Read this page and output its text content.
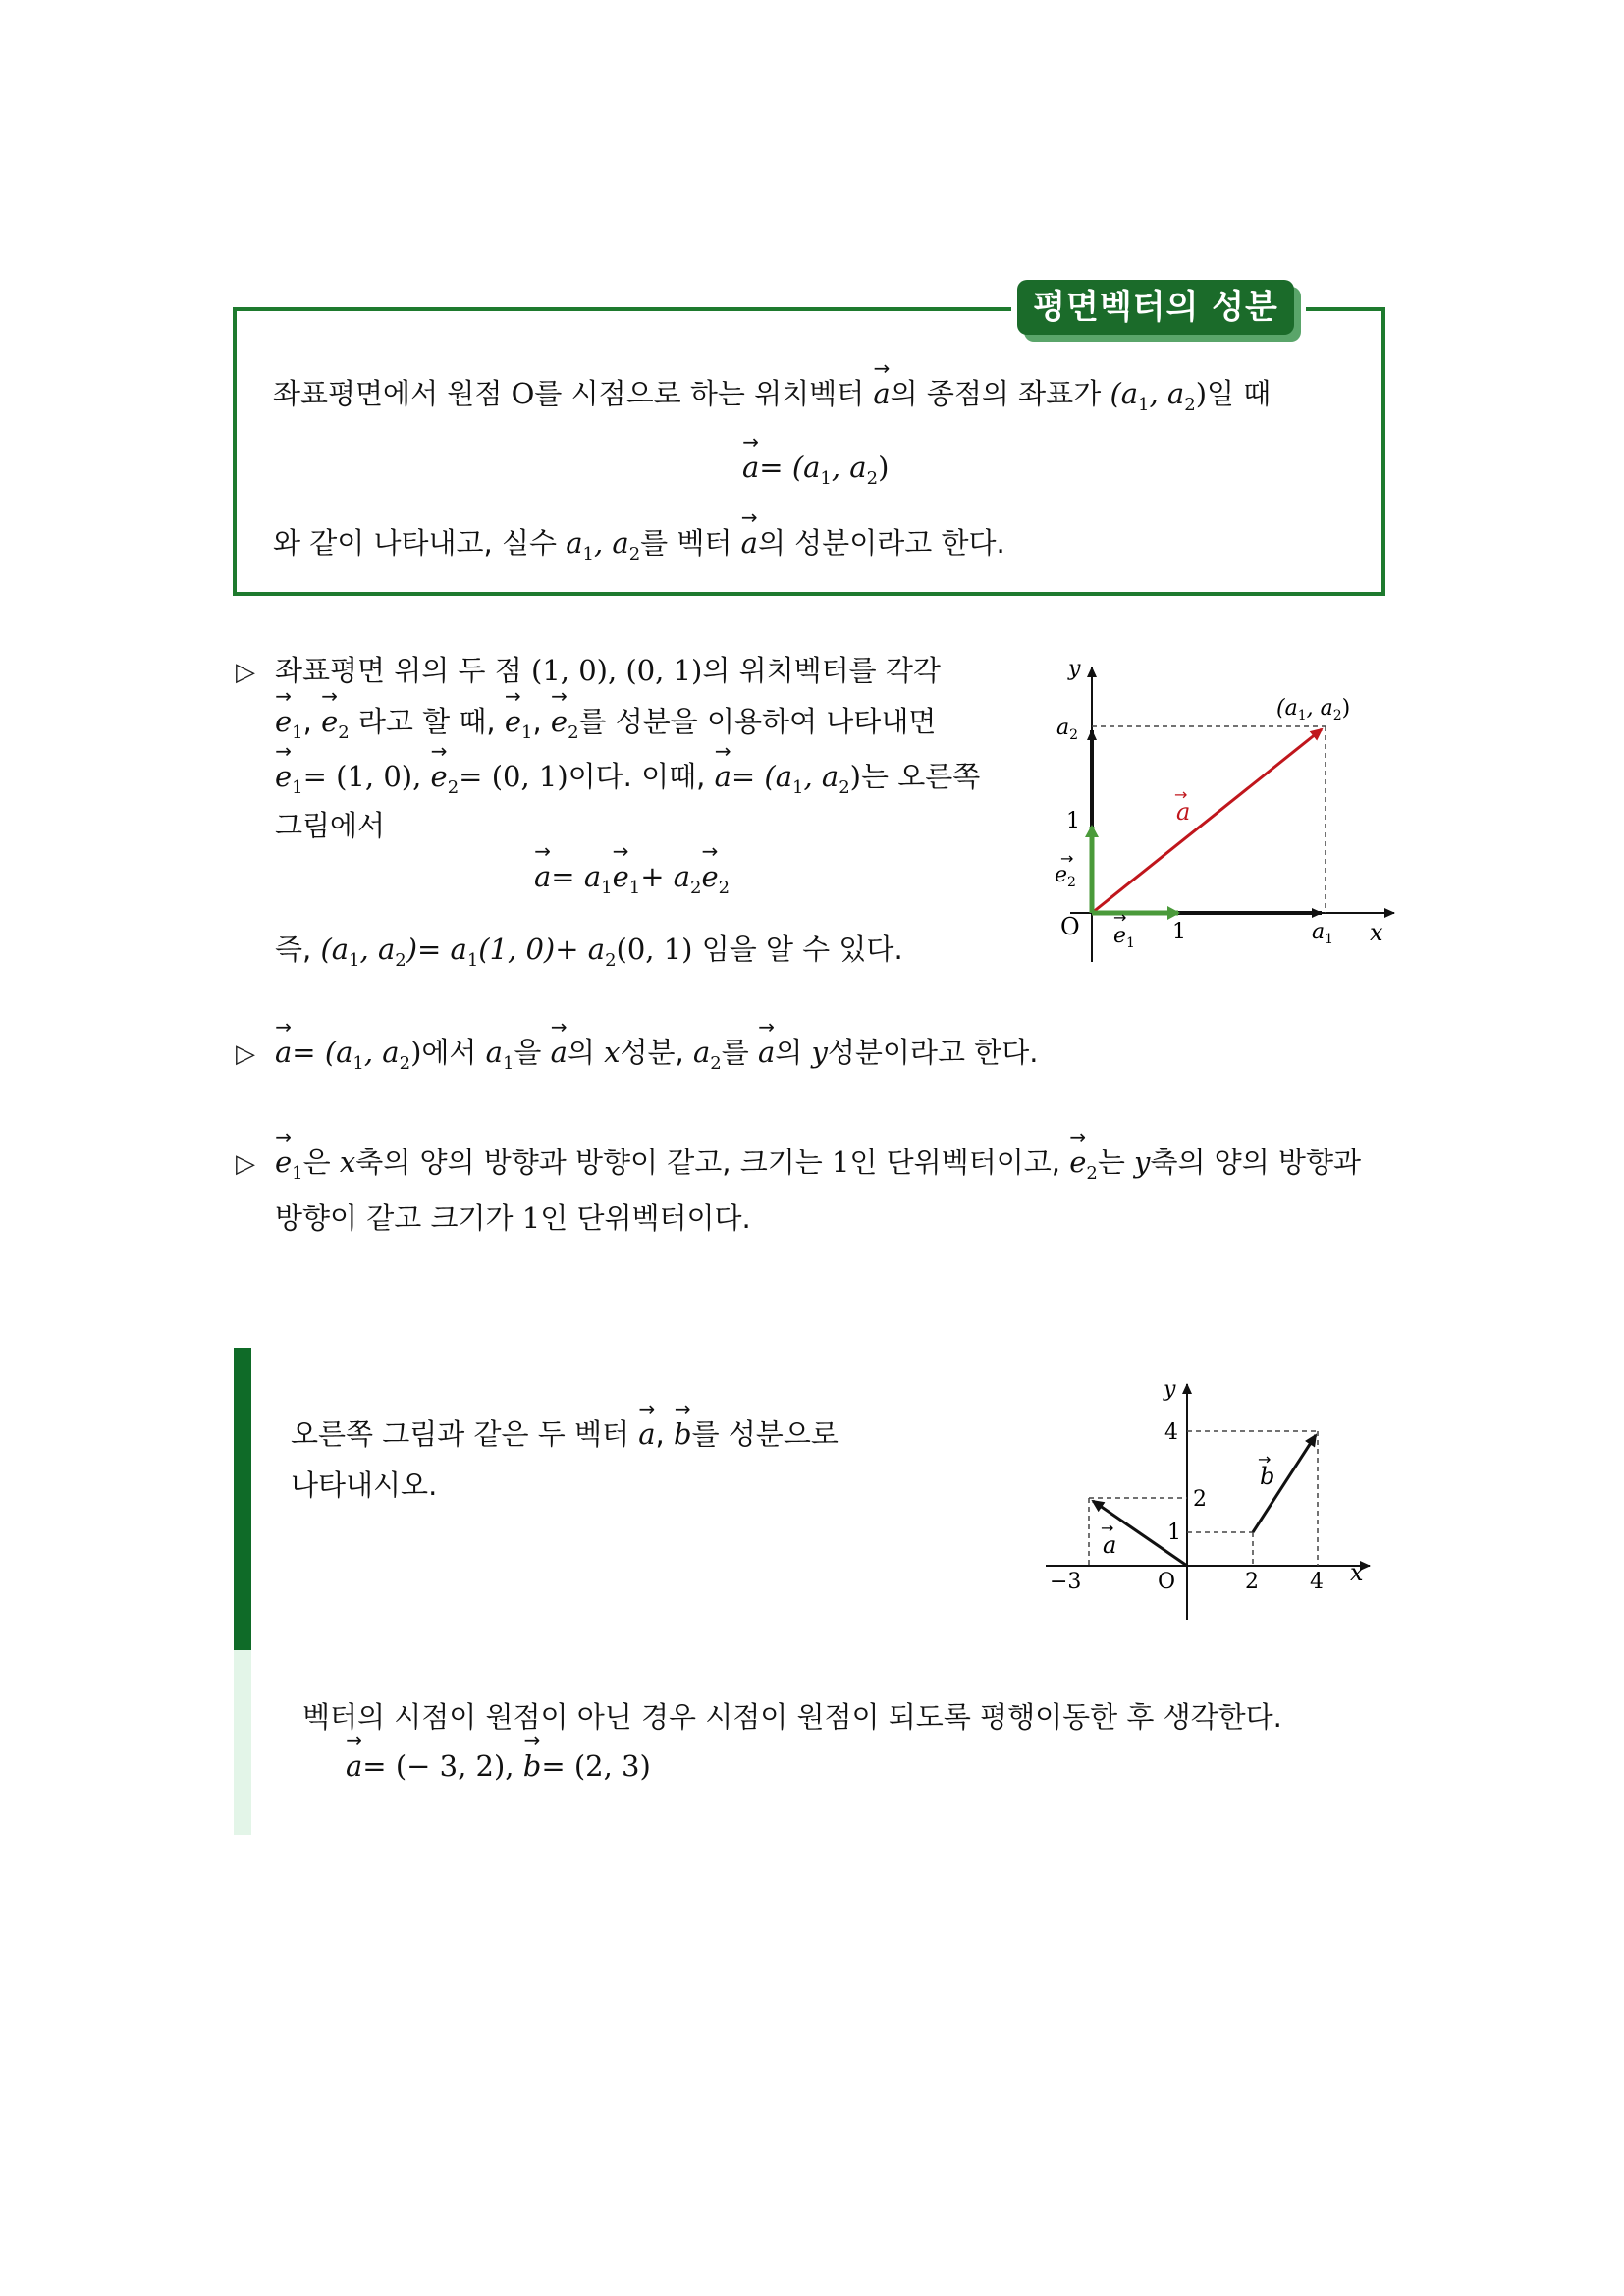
평면벡터의 성분
좌표평면에서 원점 O를 시점으로 하는 위치벡터 → a의 종점의 좌표가 ($a_1$, $a_2$)일 때
→ $a= (a_1$, $a_2$)
와 같이 나타내고, 실수 $a_1$, $a_2$를 벡터 → a의 성분이라고 한다.
▷ 좌표평면 위의 두 점 (1, 0), (0, 1)의 위치벡터를 각각
→ $e_1$, → $e_2$ 라고 할 때, → $e_1$, → $e_2$를 성분을 이용하여 나타내면
→ $e_1= (1$, 0), → $e_2= (0$, 1)이다. 이때, → $a= (a_1$, $a_2$)는 오른쪽
그림에서
→ $a= a_1\to e_1+ a_2\to e_2$
즉, ($a_1$, $a_2)= a_1(1$, $0)+ a_2(0$, 1) 임을 알 수 있다.
y
x
O
$a_2$
1
1	$a_1$
$e_2$
→
$e_1$
→
a
→
($a_1$, $a_2$)
▷ → $a= (a_1$, $a_2$)에서 $a_1$을 → a의 x성분, $a_2$를 → a의 y성분이라고 한다.
▷ → $e_1$은 x축의 양의 방향과 방향이 같고, 크기는 1인 단위벡터이고, → $e_2$는 y축의 양의 방향과
방향이 같고 크기가 1인 단위벡터이다.
오른쪽 그림과 같은 두 벡터 → a, → b를 성분으로
나타내시오.
y
x
O
−3	2 4
4
2
1
a
→
b
→
벡터의 시점이 원점이 아닌 경우 시점이 원점이 되도록 평행이동한 후 생각한다.
→ a= (− 3, 2), → b= (2, 3)
